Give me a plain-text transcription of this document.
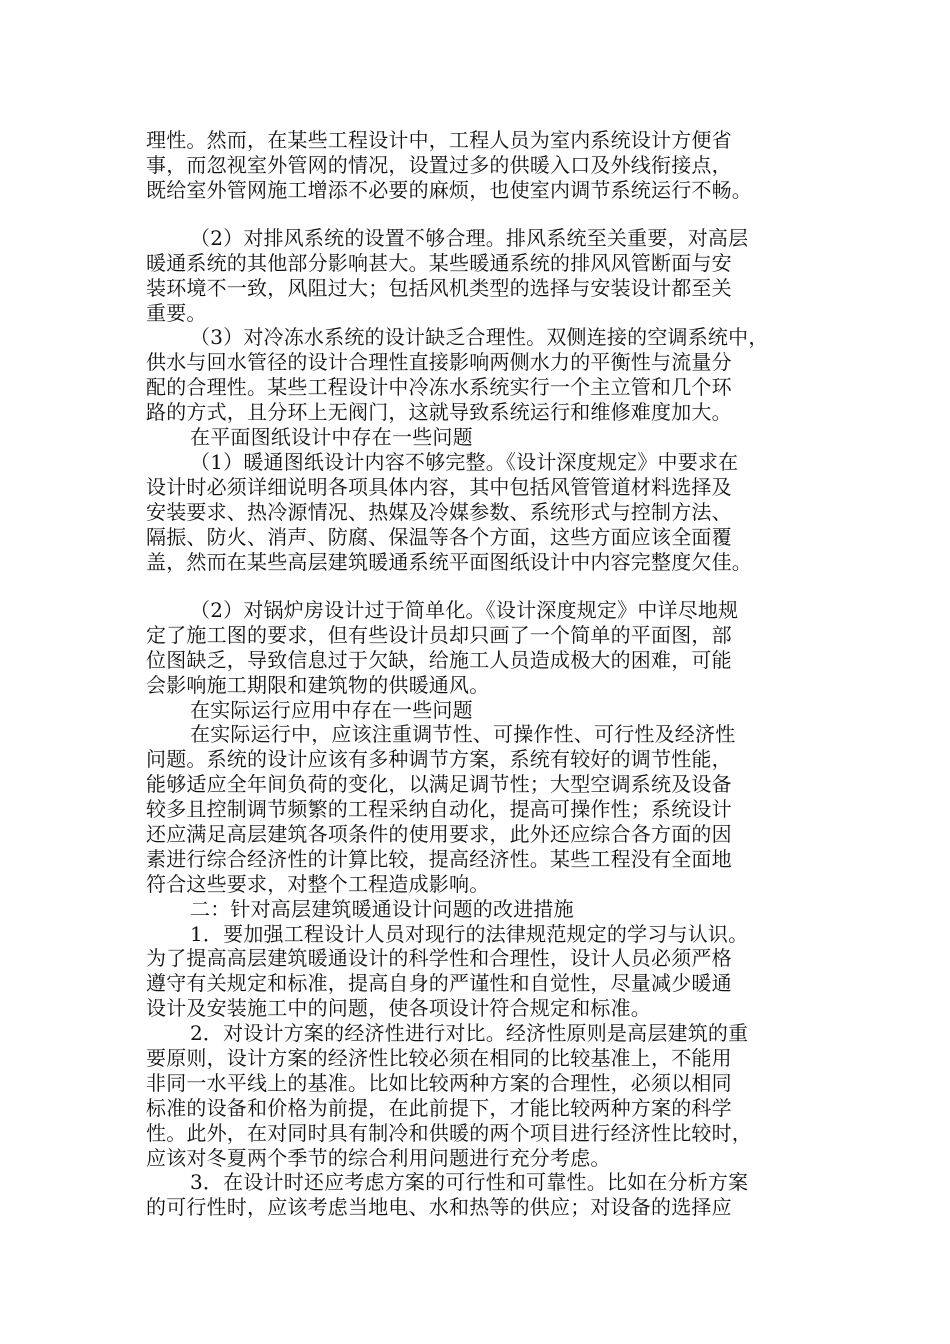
理性。然而，在某些工程设计中，工程人员为室内系统设计方便省
事，而忽视室外管网的情况，设置过多的供暖入口及外线衔接点，
既给室外管网施工增添不必要的麻烦，也使室内调节系统运行不畅。
（2）对排风系统的设置不够合理。排风系统至关重要，对高层
暖通系统的其他部分影响甚大。某些暖通系统的排风风管断面与安
装环境不一致，风阻过大；包括风机类型的选择与安装设计都至关
重要。
（3）对冷冻水系统的设计缺乏合理性。双侧连接的空调系统中，
供水与回水管径的设计合理性直接影响两侧水力的平衡性与流量分
配的合理性。某些工程设计中冷冻水系统实行一个主立管和几个环
路的方式，且分环上无阀门，这就导致系统运行和维修难度加大。
在平面图纸设计中存在一些问题
（1）暖通图纸设计内容不够完整。《设计深度规定》中要求在
设计时必须详细说明各项具体内容，其中包括风管管道材料选择及
安装要求、热冷源情况、热媒及冷媒参数、系统形式与控制方法、
隔振、防火、消声、防腐、保温等各个方面，这些方面应该全面覆
盖，然而在某些高层建筑暖通系统平面图纸设计中内容完整度欠佳。
（2）对锅炉房设计过于简单化。《设计深度规定》中详尽地规
定了施工图的要求，但有些设计员却只画了一个简单的平面图，部
位图缺乏，导致信息过于欠缺，给施工人员造成极大的困难，可能
会影响施工期限和建筑物的供暖通风。
在实际运行应用中存在一些问题
在实际运行中，应该注重调节性、可操作性、可行性及经济性
问题。系统的设计应该有多种调节方案，系统有较好的调节性能，
能够适应全年间负荷的变化，以满足调节性；大型空调系统及设备
较多且控制调节频繁的工程采纳自动化，提高可操作性；系统设计
还应满足高层建筑各项条件的使用要求，此外还应综合各方面的因
素进行综合经济性的计算比较，提高经济性。某些工程没有全面地
符合这些要求，对整个工程造成影响。
二：针对高层建筑暖通设计问题的改进措施
1．要加强工程设计人员对现行的法律规范规定的学习与认识。
为了提高高层建筑暖通设计的科学性和合理性，设计人员必须严格
遵守有关规定和标准，提高自身的严谨性和自觉性，尽量减少暖通
设计及安装施工中的问题，使各项设计符合规定和标准。
2．对设计方案的经济性进行对比。经济性原则是高层建筑的重
要原则，设计方案的经济性比较必须在相同的比较基准上，不能用
非同一水平线上的基准。比如比较两种方案的合理性，必须以相同
标准的设备和价格为前提，在此前提下，才能比较两种方案的科学
性。此外，在对同时具有制冷和供暖的两个项目进行经济性比较时，
应该对冬夏两个季节的综合利用问题进行充分考虑。
3．在设计时还应考虑方案的可行性和可靠性。比如在分析方案
的可行性时，应该考虑当地电、水和热等的供应；对设备的选择应
